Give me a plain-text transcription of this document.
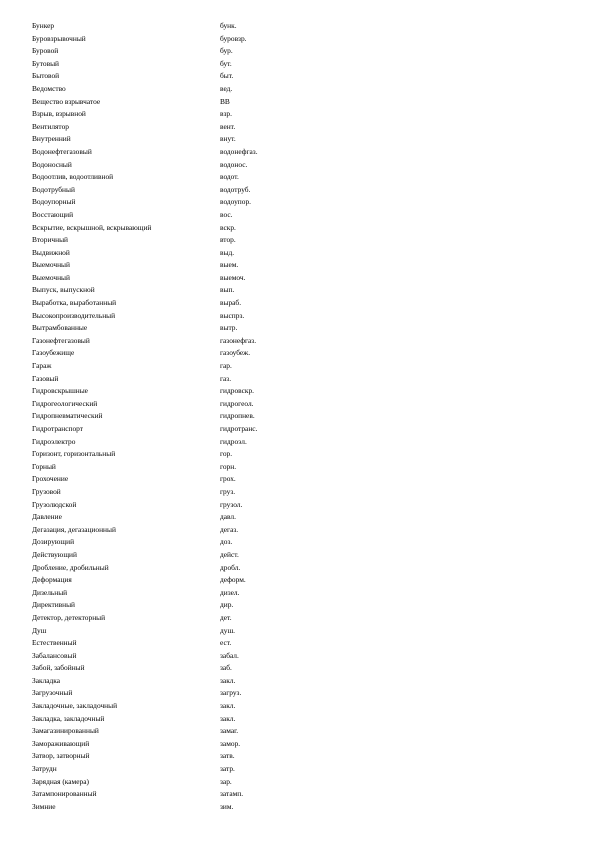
Бункер	бунк.
Буровзрывочный	буровзр.
Буровой	бур.
Бутовый	бут.
Бытовой	быт.
Ведомство	вед.
Вещество взрывчатое	ВВ
Взрыв, взрывной	взр.
Вентилятор	вент.
Внутренний	внут.
Водонефтегазовый	водонефгаз.
Водоносный	водонос.
Водоотлив, водоотливной	водот.
Водотрубный	водотруб.
Водоупорный	водоупор.
Восстающий	вос.
Вскрытие, вскрышной, вскрывающий	вскр.
Вторичный	втор.
Выдвижной	выд.
Выемочный	выем.
Выемочный	выемоч.
Выпуск, выпускной	вып.
Выработка, выработанный	выраб.
Высокопроизводительный	выспрз.
Вытрамбованные	вытр.
Газонефтегазовый	газонефгаз.
Газоубежище	газоубеж.
Гараж	гар.
Газовый	газ.
Гидровскрышные	гидровскр.
Гидрогеологический	гидрогеол.
Гидропневматический	гидропнев.
Гидротранспорт	гидротранс.
Гидроэлектро	гидроэл.
Горизонт, горизонтальный	гор.
Горный	горн.
Грохочение	грох.
Грузовой	груз.
Грузолюдской	грузол.
Давление	давл.
Дегазация, дегазационный	дегаз.
Дозирующий	доз.
Действующий	дейст.
Дробление, дробильный	дробл.
Деформация	деформ.
Дизельный	дизел.
Директивный	дир.
Детектор, детекторный	дет.
Душ	душ.
Естественный	ест.
Забалансовый	забал.
Забой, забойный	заб.
Закладка	закл.
Загрузочный	загруз.
Закладочные, закладочный	закл.
Закладка, закладочный	закл.
Замагазинированный	замаг.
Замораживающий	замор.
Затвор, затворный	затв.
Затрудн	затр.
Зарядная (камера)	зар.
Затампонированный	затамп.
Зимние	зим.
